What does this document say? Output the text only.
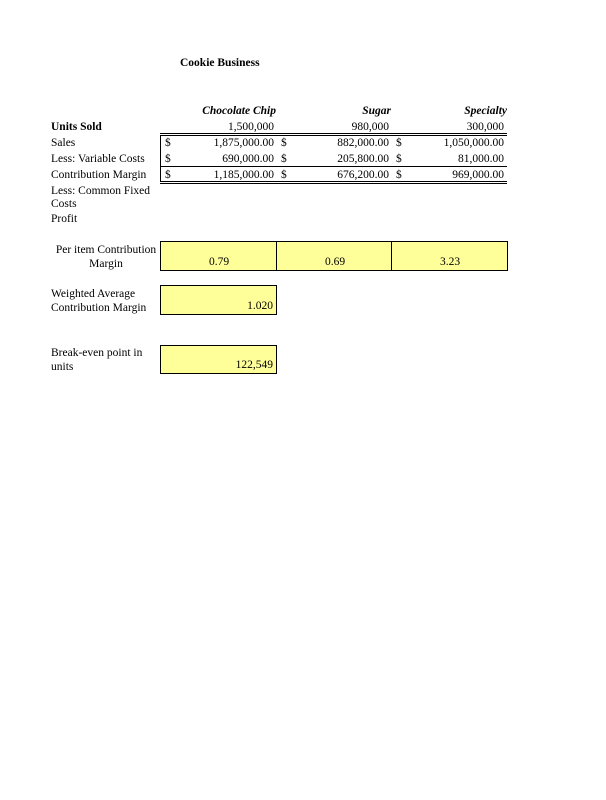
Cookie Business
Chocolate Chip	Sugar	Specialty
Units Sold	1,500,000	980,000	300,000
Sales	$	1,875,000.00 $	882,000.00 $	1,050,000.00
Less: Variable Costs $	690,000.00 $	205,800.00 $	81,000.00
Contribution Margin $	1,185,000.00 $	676,200.00 $	969,000.00
Less: Common Fixed
Costs
Profit
Per item Contribution
Margin	0.79	0.69	3.23
Weighted Average
Contribution Margin	1.020
Break-even point in
units	122,549
